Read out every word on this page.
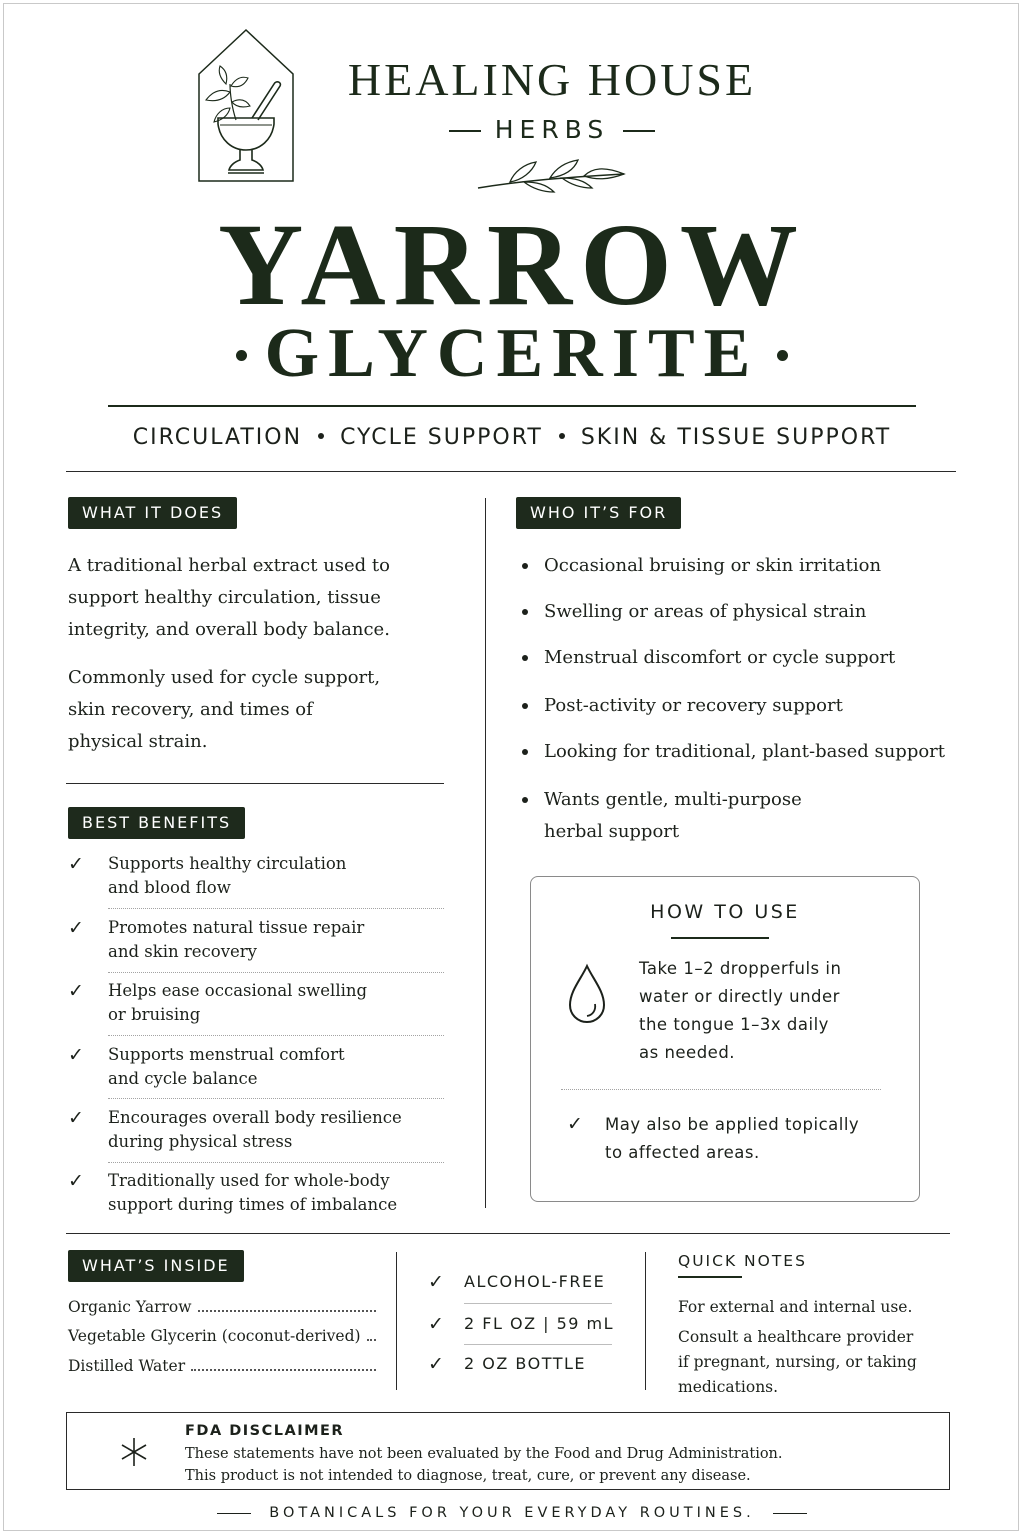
HEALING HOUSE
HERBS
YARROW
GLYCERITE
CIRCULATION CYCLE SUPPORT SKIN & TISSUE SUPPORT
WHAT IT DOES
A traditional herbal extract used to
support healthy circulation, tissue
integrity, and overall body balance.
Commonly used for cycle support,
skin recovery, and times of
physical strain.
WHO IT’S FOR
Occasional bruising or skin irritation
Swelling or areas of physical strain
Menstrual discomfort or cycle support
Post-activity or recovery support
Looking for traditional, plant-based support
Wants gentle, multi-purpose
herbal support
BEST BENEFITS
✓ Supports healthy circulation
and blood flow
✓ Promotes natural tissue repair
and skin recovery
✓ Helps ease occasional swelling
or bruising
✓ Supports menstrual comfort
and cycle balance
✓ Encourages overall body resilience
during physical stress
✓ Traditionally used for whole-body
support during times of imbalance
HOW TO USE
Take 1–2 dropperfuls in
water or directly under
the tongue 1–3x daily
as needed.
✓ May also be applied topically
to affected areas.
WHAT’S INSIDE
Organic Yarrow
Vegetable Glycerin (coconut-derived)
Distilled Water
✓ ALCOHOL-FREE
✓ 2 FL OZ | 59 mL
✓ 2 OZ BOTTLE
QUICK NOTES
For external and internal use.
Consult a healthcare provider
if pregnant, nursing, or taking
medications.
FDA DISCLAIMER
These statements have not been evaluated by the Food and Drug Administration.
This product is not intended to diagnose, treat, cure, or prevent any disease.
BOTANICALS FOR YOUR EVERYDAY ROUTINES.
